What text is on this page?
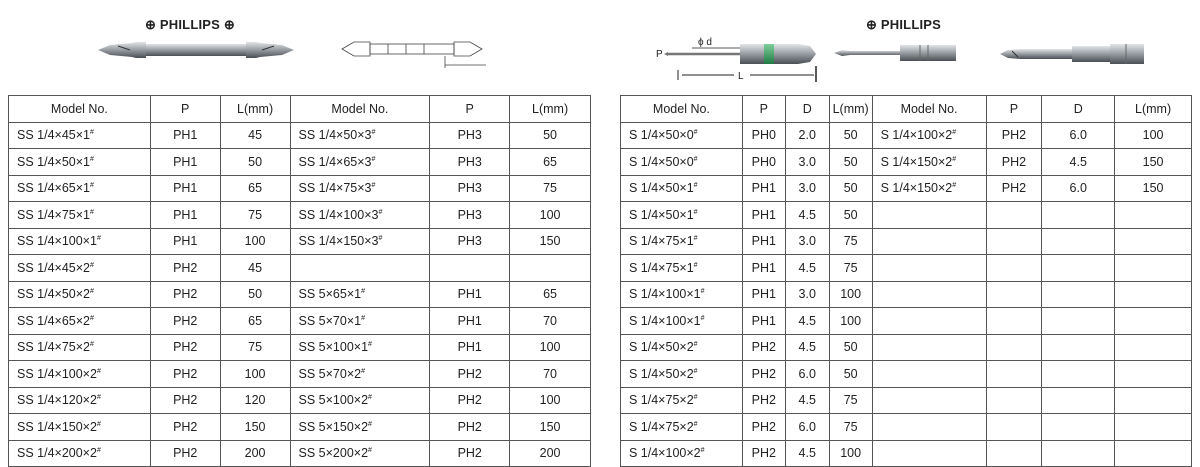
⊕ PHILLIPS ⊕
Model No.	P	L(mm)	Model No.	P	L(mm)
SS 1/4×45×1#	PH1	45	SS 1/4×50×3#	PH3	50
SS 1/4×50×1#	PH1	50	SS 1/4×65×3#	PH3	65
SS 1/4×65×1#	PH1	65	SS 1/4×75×3#	PH3	75
SS 1/4×75×1#	PH1	75	SS 1/4×100×3#	PH3	100
SS 1/4×100×1#	PH1	100	SS 1/4×150×3#	PH3	150
SS 1/4×45×2#	PH2	45			
SS 1/4×50×2#	PH2	50	SS 5×65×1#	PH1	65
SS 1/4×65×2#	PH2	65	SS 5×70×1#	PH1	70
SS 1/4×75×2#	PH2	75	SS 5×100×1#	PH1	100
SS 1/4×100×2#	PH2	100	SS 5×70×2#	PH2	70
SS 1/4×120×2#	PH2	120	SS 5×100×2#	PH2	100
SS 1/4×150×2#	PH2	150	SS 5×150×2#	PH2	150
SS 1/4×200×2#	PH2	200	SS 5×200×2#	PH2	200
⊕ PHILLIPS
P
ϕ d
L
Model No.	P	D	L(mm)	Model No.	P	D	L(mm)
S 1/4×50×0#	PH0	2.0	50	S 1/4×100×2#	PH2	6.0	100
S 1/4×50×0#	PH0	3.0	50	S 1/4×150×2#	PH2	4.5	150
S 1/4×50×1#	PH1	3.0	50	S 1/4×150×2#	PH2	6.0	150
S 1/4×50×1#	PH1	4.5	50				
S 1/4×75×1#	PH1	3.0	75				
S 1/4×75×1#	PH1	4.5	75				
S 1/4×100×1#	PH1	3.0	100				
S 1/4×100×1#	PH1	4.5	100				
S 1/4×50×2#	PH2	4.5	50				
S 1/4×50×2#	PH2	6.0	50				
S 1/4×75×2#	PH2	4.5	75				
S 1/4×75×2#	PH2	6.0	75				
S 1/4×100×2#	PH2	4.5	100				
